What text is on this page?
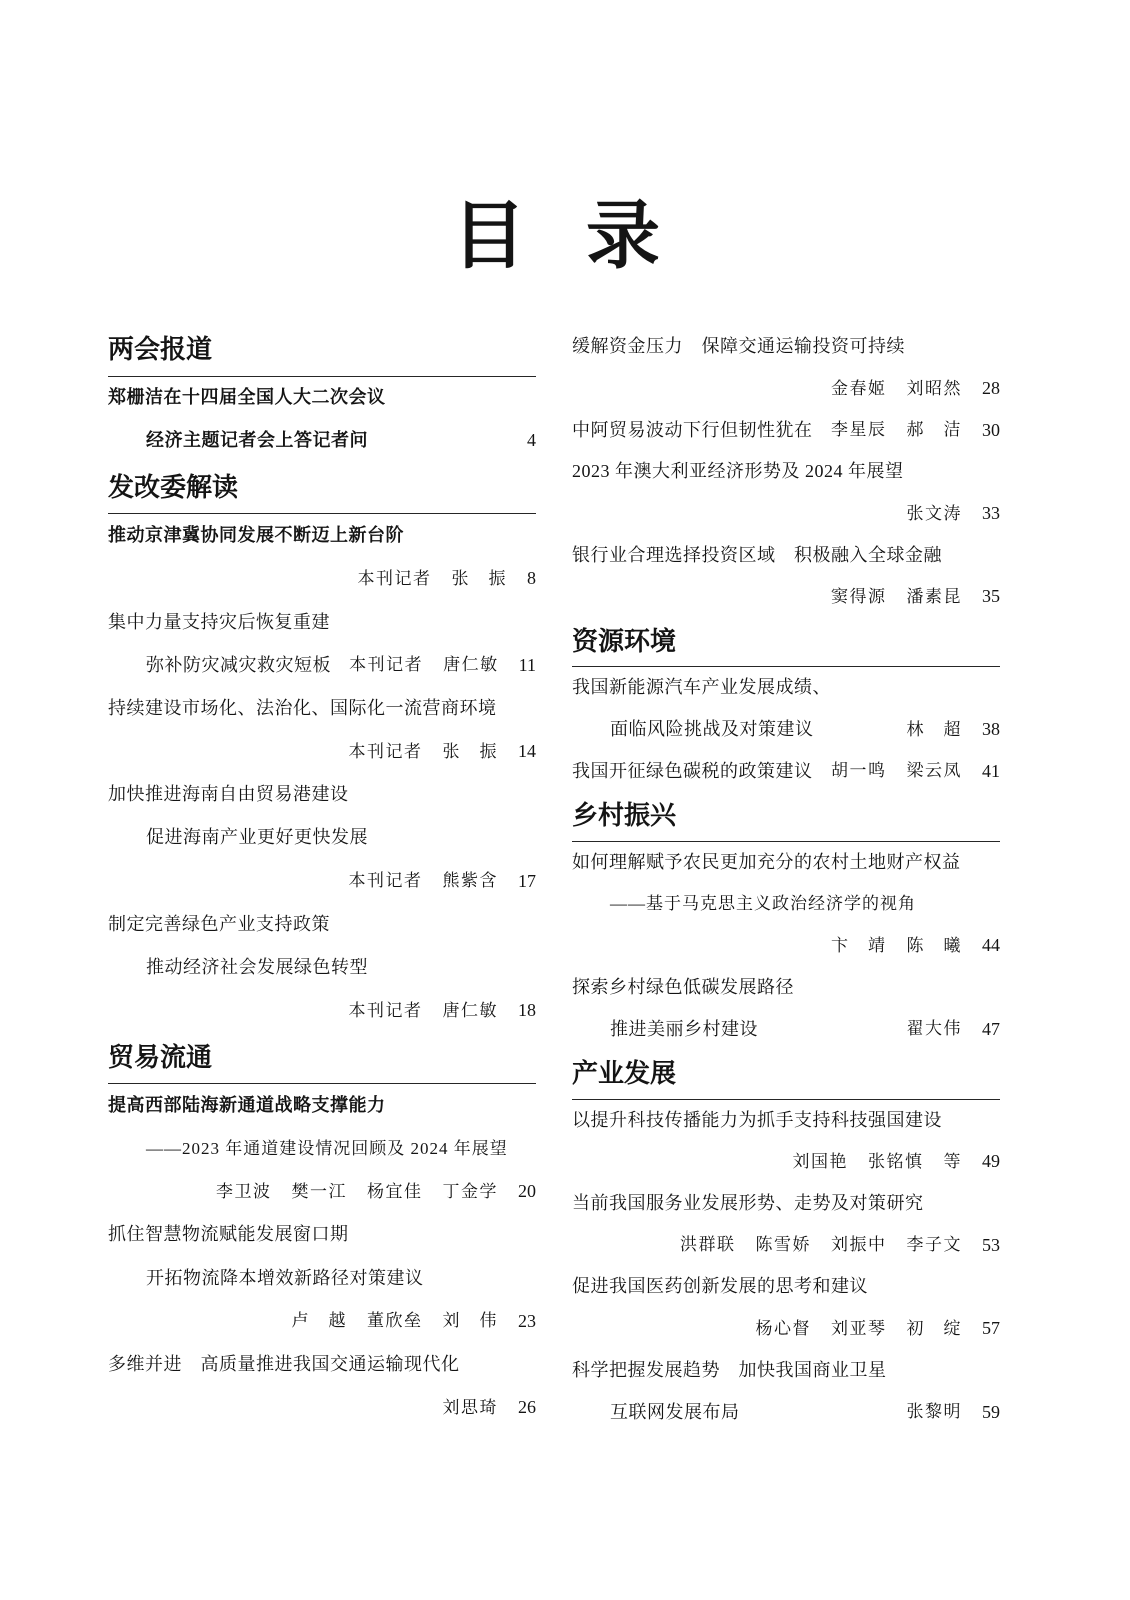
目 录
两会报道
郑栅洁在十四届全国人大二次会议
经济主题记者会上答记者问	4
发改委解读
推动京津冀协同发展不断迈上新台阶
本刊记者 张　振 8
集中力量支持灾后恢复重建
弥补防灾减灾救灾短板 本刊记者 唐仁敏 11
持续建设市场化、法治化、国际化一流营商环境
本刊记者 张　振 14
加快推进海南自由贸易港建设
促进海南产业更好更快发展
本刊记者 熊紫含 17
制定完善绿色产业支持政策
推动经济社会发展绿色转型
本刊记者 唐仁敏 18
贸易流通
提高西部陆海新通道战略支撑能力
——2023 年通道建设情况回顾及 2024 年展望
李卫波 樊一江 杨宜佳 丁金学 20
抓住智慧物流赋能发展窗口期
开拓物流降本增效新路径对策建议
卢　越 董欣垒 刘　伟 23
多维并进　高质量推进我国交通运输现代化
刘思琦 26
缓解资金压力　保障交通运输投资可持续
金春姬 刘昭然 28
中阿贸易波动下行但韧性犹在 李星辰 郝　洁 30
2023 年澳大利亚经济形势及 2024 年展望
张文涛 33
银行业合理选择投资区域　积极融入全球金融
窦得源 潘素昆 35
资源环境
我国新能源汽车产业发展成绩、
面临风险挑战及对策建议	林　超 38
我国开征绿色碳税的政策建议 胡一鸣 梁云凤 41
乡村振兴
如何理解赋予农民更加充分的农村土地财产权益
——基于马克思主义政治经济学的视角
卞　靖 陈　曦 44
探索乡村绿色低碳发展路径
推进美丽乡村建设	翟大伟 47
产业发展
以提升科技传播能力为抓手支持科技强国建设
刘国艳 张铭慎 等 49
当前我国服务业发展形势、走势及对策研究
洪群联 陈雪娇 刘振中 李子文 53
促进我国医药创新发展的思考和建议
杨心督 刘亚琴 初　绽 57
科学把握发展趋势　加快我国商业卫星
互联网发展布局	张黎明 59
